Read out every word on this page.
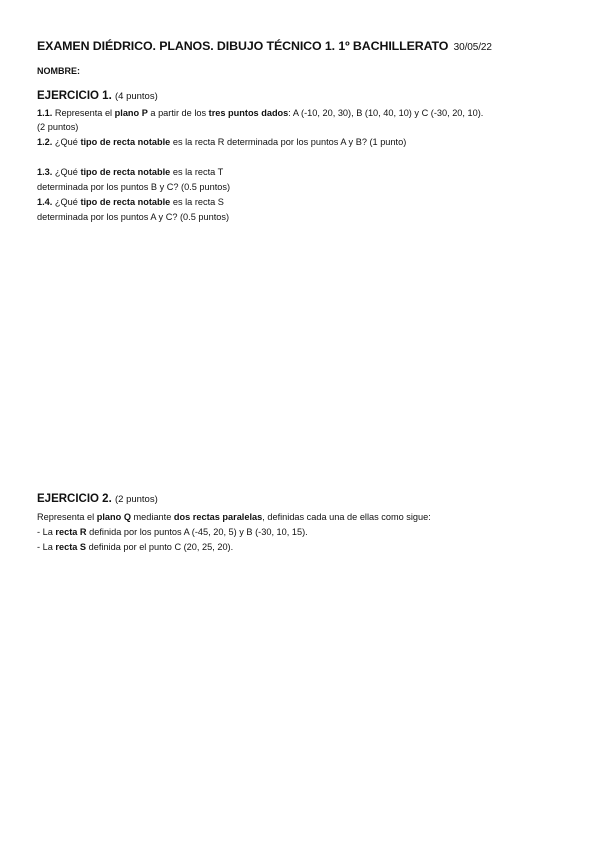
EXAMEN DIÉDRICO. PLANOS. DIBUJO TÉCNICO 1. 1º BACHILLERATO 30/05/22
NOMBRE:
EJERCICIO 1. (4 puntos)
1.1. Representa el plano P a partir de los tres puntos dados: A (-10, 20, 30), B (10, 40, 10) y C (-30, 20, 10).
(2 puntos)
1.2. ¿Qué tipo de recta notable es la recta R determinada por los puntos A y B? (1 punto)
1.3. ¿Qué tipo de recta notable es la recta T
determinada por los puntos B y C? (0.5 puntos)
1.4. ¿Qué tipo de recta notable es la recta S
determinada por los puntos A y C? (0.5 puntos)
EJERCICIO 2. (2 puntos)
Representa el plano Q mediante dos rectas paralelas, definidas cada una de ellas como sigue:
- La recta R definida por los puntos A (-45, 20, 5) y B (-30, 10, 15).
- La recta S definida por el punto C (20, 25, 20).
